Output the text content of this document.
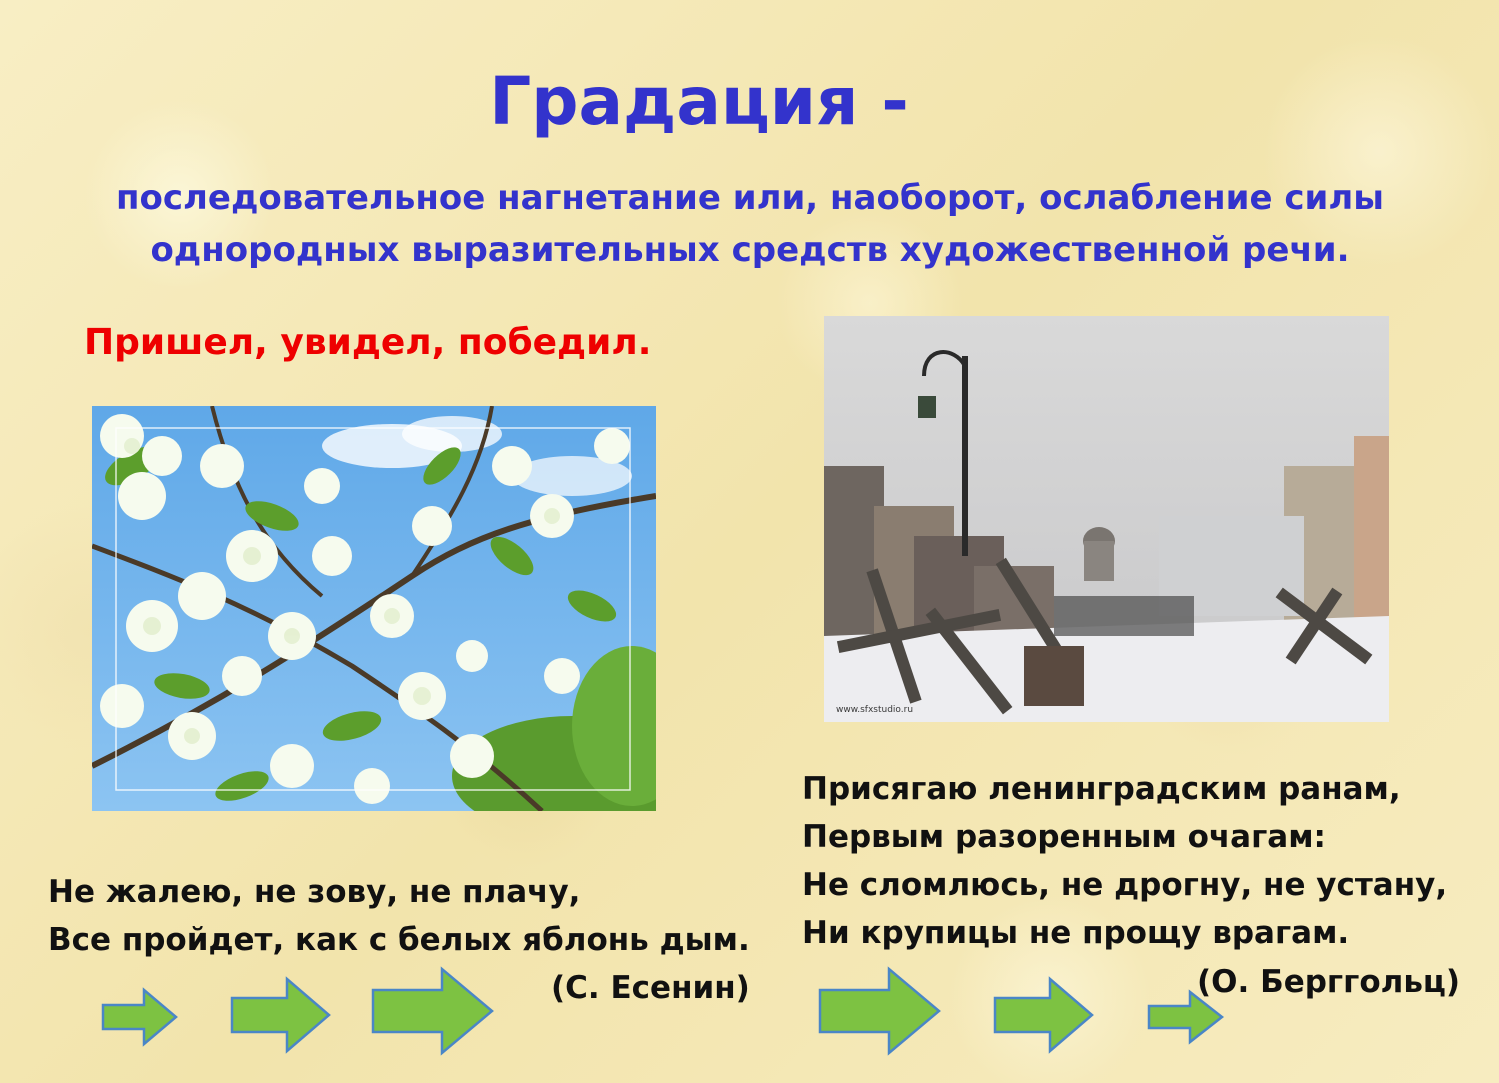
Градация -
последовательное нагнетание или, наоборот, ослабление силы
однородных выразительных средств художественной речи.
Пришел, увидел, победил.
www.sfxstudio.ru
Не жалею, не зову, не плачу,
Все пройдет, как с белых яблонь дым.
(С. Есенин)
Присягаю ленинградским ранам,
Первым разоренным очагам:
Не сломлюсь, не дрогну, не устану,
Ни крупицы не прощу врагам.
(О. Берггольц)
